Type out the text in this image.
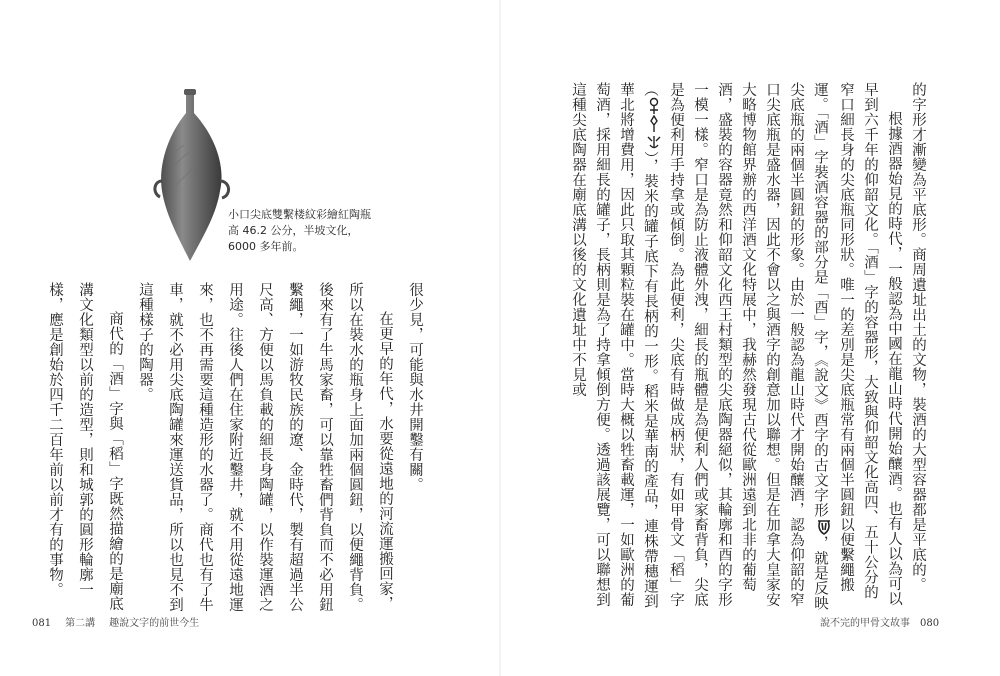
的字形才漸變為平底形。商周遺址出土的文物，裝酒的大型容器都是平底的。

根據酒器始見的時代，一般認為中國在龍山時代開始釀酒。也有人以為可以早到六千年的仰韶文化。「酒」字的容器形，大致與仰韶文化高四、五十公分的窄口細長身的尖底瓶同形狀。唯一的差別是尖底瓶常有兩個半圓鈕以便繫繩搬運。「酒」字裝酒容器的部分是「酉」字，《說文》酉字的古文字形
，就是反映尖底瓶的兩個半圓鈕的形象。由於一般認為龍山時代才開始釀酒，認為仰韶的窄口尖底瓶是盛水器，因此不會以之與酒字的創意加以聯想。但是在加拿大皇家安大略博物館界辦的西洋酒文化特展中，我赫然發現古代從歐洲遠到北非的葡萄酒，盛裝的容器竟然和仰韶文化西王村類型的尖底陶器絕似，其輪廓和酉的字形一模一樣。窄口是為防止液體外洩，細長的瓶體是為便利人們或家畜背負，尖底是為便利用手持拿或傾倒。為此便利，尖底有時做成柄狀，有如甲骨文「稻」字（
），裝米的罐子底下有長柄的一形。稻米是華南的產品，連株帶穗運到華北將增費用，因此只取其顆粒裝在罐中。當時大概以牲畜載運，一如歐洲的葡萄酒，採用細長的罐子，長柄則是為了持拿傾倒方便。透過該展覽，可以聯想到這種尖底陶器在廟底溝以後的文化遺址中不見或

很少見，可能與水井開鑿有關。

在更早的年代，水要從遠地的河流運搬回家，所以在裝水的瓶身上面加兩個圓鈕，以便繩背負。後來有了牛馬家畜，可以靠牲畜們背負而不必用鈕繫繩，一如游牧民族的遼、金時代，製有超過半公尺高、方便以馬負載的細長身陶罐，以作裝運酒之用途。往後人們在住家附近鑿井，就不用從遠地運來，也不再需要這種造形的水器了。商代也有了牛車，就不必用尖底陶罐來運送貨品，所以也見不到這種樣子的陶器。

商代的「酒」字與「稻」字既然描繪的是廟底溝文化類型以前的造型，則和城郭的圓形輪廓一樣，應是創始於四千二百年前以前才有的事物。

小口尖底雙繫楼紋彩繪紅陶瓶
高 46.2 公分，半坡文化，
6000 多年前。
081 第二講 趣說文字的前世今生	說不完的甲骨文故事 080
